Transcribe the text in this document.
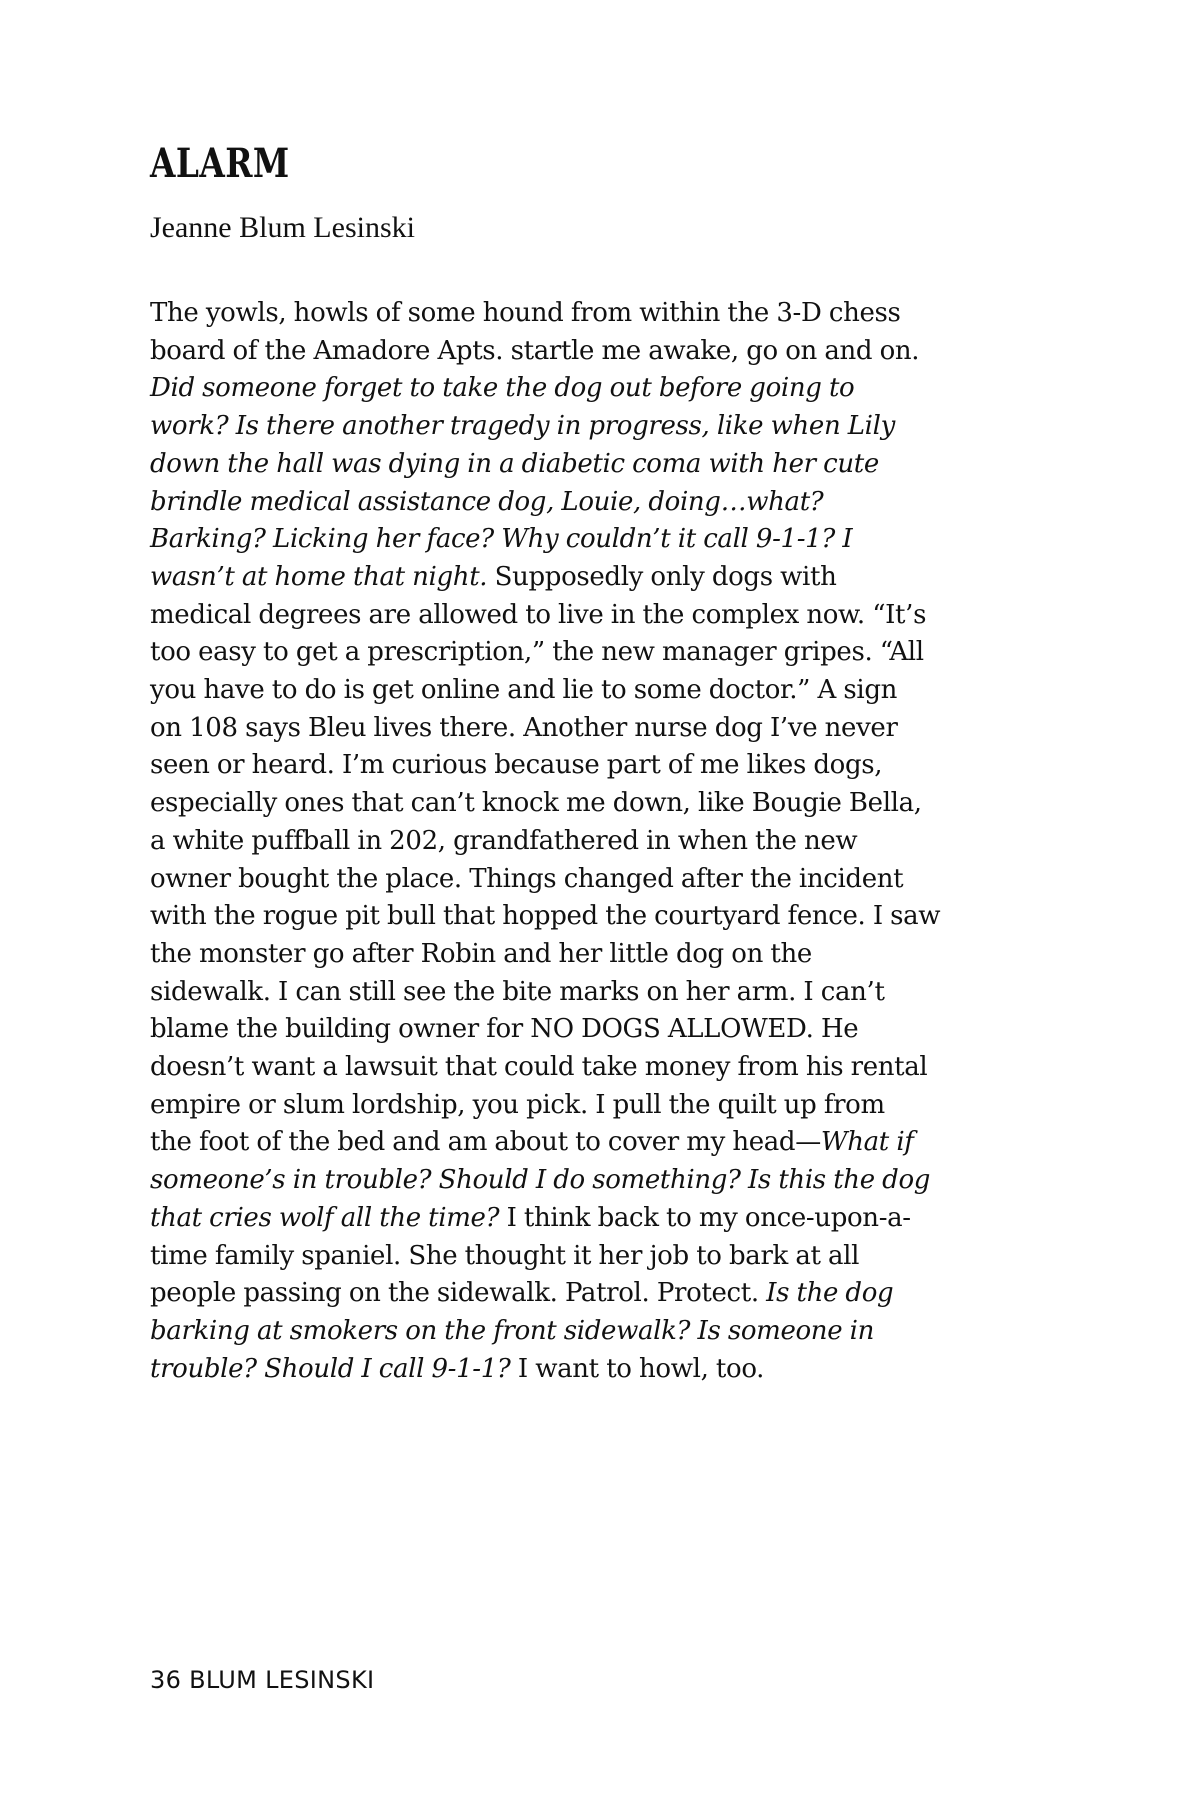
ALARM

Jeanne Blum Lesinski

The yowls, howls of some hound from within the 3-D chess
board of the Amadore Apts. startle me awake, go on and on.
Did someone forget to take the dog out before going to
work? Is there another tragedy in progress, like when Lily
down the hall was dying in a diabetic coma with her cute
brindle medical assistance dog, Louie, doing…what?
Barking? Licking her face? Why couldn’t it call 9-1-1? I
wasn’t at home that night. Supposedly only dogs with
medical degrees are allowed to live in the complex now. “It’s
too easy to get a prescription,” the new manager gripes. “All
you have to do is get online and lie to some doctor.” A sign
on 108 says Bleu lives there. Another nurse dog I’ve never
seen or heard. I’m curious because part of me likes dogs,
especially ones that can’t knock me down, like Bougie Bella,
a white puffball in 202, grandfathered in when the new
owner bought the place. Things changed after the incident
with the rogue pit bull that hopped the courtyard fence. I saw
the monster go after Robin and her little dog on the
sidewalk. I can still see the bite marks on her arm. I can’t
blame the building owner for NO DOGS ALLOWED. He
doesn’t want a lawsuit that could take money from his rental
empire or slum lordship, you pick. I pull the quilt up from
the foot of the bed and am about to cover my head—What if
someone’s in trouble? Should I do something? Is this the dog
that cries wolf all the time? I think back to my once-upon-a-
time family spaniel. She thought it her job to bark at all
people passing on the sidewalk. Patrol. Protect. Is the dog
barking at smokers on the front sidewalk? Is someone in
trouble? Should I call 9-1-1? I want to howl, too.
36 BLUM LESINSKI
